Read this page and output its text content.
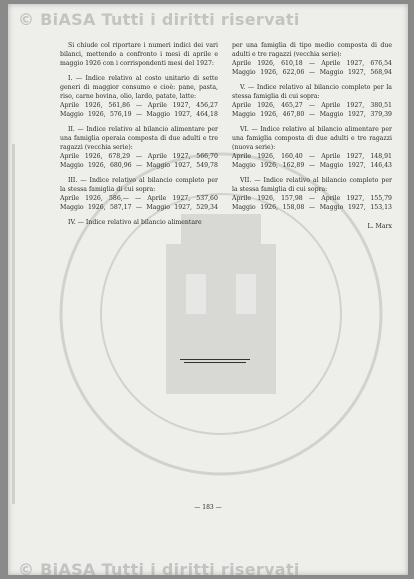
© BiASA Tutti i diritti riservati

Si chiude col riportare i numeri indici dei vari bilanci, mettendo a confronto i mesi di aprile e maggio 1926 con i corrispondenti mesi del 1927:

I. — Indice relativo al costo unitario di sette generi di maggior consumo e cioè: pane, pasta, riso, carne bovina, olio, lardo, patate, latte:

Aprile 1926, 561,86 — Aprile 1927, 456,27
Maggio 1926, 576,19 — Maggio 1927, 464,18

II. — Indice relativo al bilancio alimentare per una famiglia operaia composta di due adulti e tre ragazzi (vecchia serie):

Aprile 1926, 678,29 — Aprile 1927, 566,70
Maggio 1926, 680,96 — Maggio 1927, 549,78

III. — Indice relativo al bilancio completo per la stessa famiglia di cui sopra:

Aprile 1926, 586,— — Aprile 1927, 537,60
Maggio 1926, 587,17 — Maggio 1927, 529,34

IV. — Indice relativo al bilancio alimentare

per una famiglia di tipo medio composta di due adulti e tre ragazzi (vecchia serie):

Aprile 1926, 610,18 — Aprile 1927, 676,54
Maggio 1926, 622,06 — Maggio 1927, 568,94

V. — Indice relativo al bilancio completo per la stessa famiglia di cui sopra:

Aprile 1926, 465,27 — Aprile 1927, 380,51
Maggio 1926, 467,80 — Maggio 1927, 379,39

VI. — Indice relativo al bilancio alimentare per una famiglia composta di due adulti e tre ragazzi (nuova serie):

Aprile 1926, 160,40 — Aprile 1927, 148,91
Maggio 1926, 162,89 — Maggio 1927, 146,43

VII. — Indice relativo al bilancio completo per la stessa famiglia di cui sopra:

Aprile 1926, 157,98 — Aprile 1927, 155,79
Maggio 1926, 158,08 — Maggio 1927, 153,13

L. Marx

— 183 —
© BiASA Tutti i diritti riservati
